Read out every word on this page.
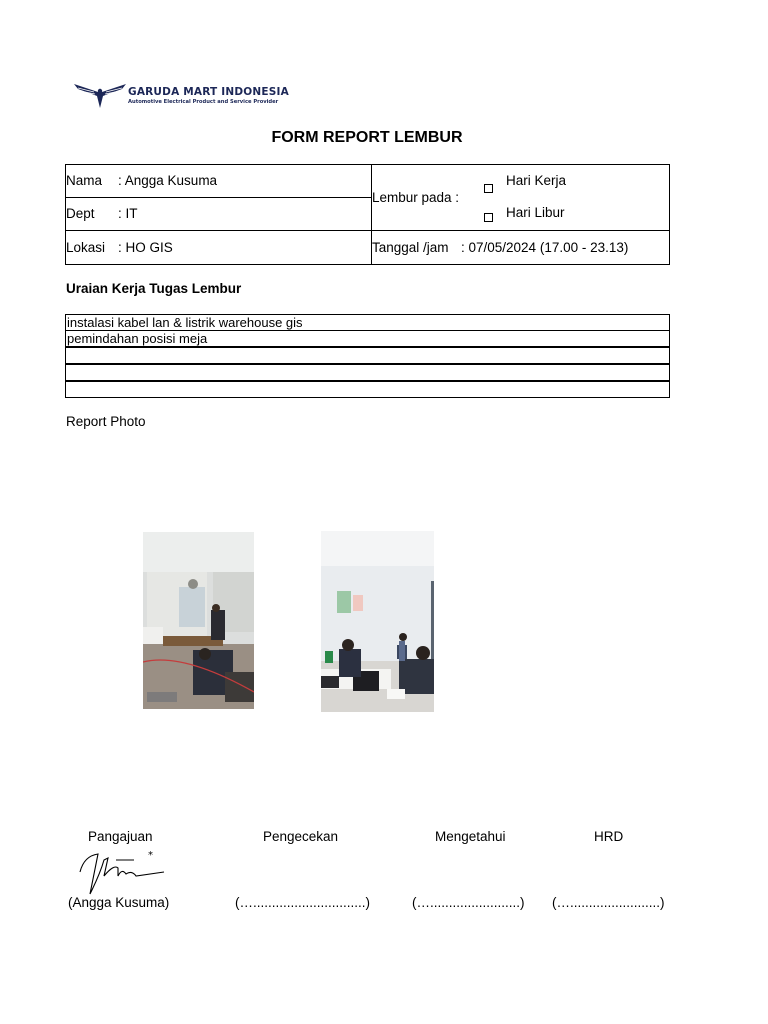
GARUDA MART INDONESIA
Automotive Electrical Product and Service Provider
FORM REPORT LEMBUR
Nama : Angga Kusuma
Dept : IT
Lokasi : HO GIS
Lembur pada :
Hari Kerja
Hari Libur
Tanggal /jam : 07/05/2024 (17.00 - 23.13)
Uraian Kerja Tugas Lembur
instalasi kabel lan & listrik warehouse gis
pemindahan posisi meja
Report Photo
Pangajuan	Pengecekan	Mengetahui	HRD
*
(Angga Kusuma)	(…..............................)	(…........................) (…........................)
